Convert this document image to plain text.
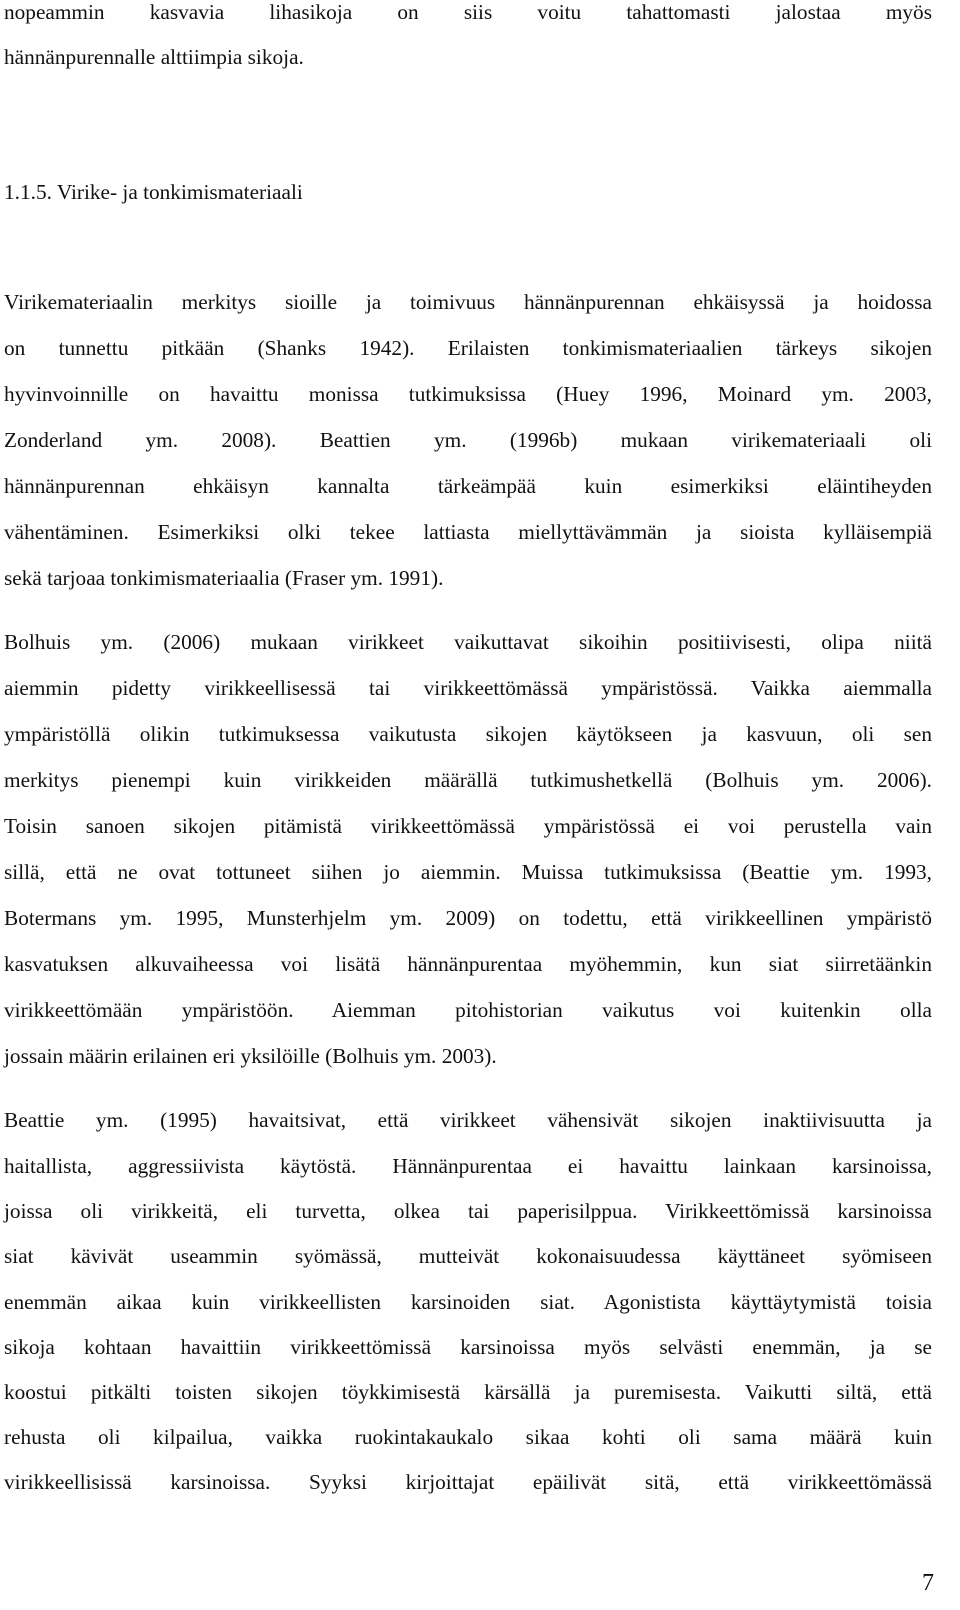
nopeammin kasvavia lihasikoja on siis voitu tahattomasti jalostaa myös
hännänpurennalle alttiimpia sikoja.
1.1.5. Virike- ja tonkimismateriaali
Virikemateriaalin merkitys sioille ja toimivuus hännänpurennan ehkäisyssä ja hoidossa
on tunnettu pitkään (Shanks 1942). Erilaisten tonkimismateriaalien tärkeys sikojen
hyvinvoinnille on havaittu monissa tutkimuksissa (Huey 1996, Moinard ym. 2003,
Zonderland ym. 2008). Beattien ym. (1996b) mukaan virikemateriaali oli
hännänpurennan ehkäisyn kannalta tärkeämpää kuin esimerkiksi eläintiheyden
vähentäminen. Esimerkiksi olki tekee lattiasta miellyttävämmän ja sioista kylläisempiä
sekä tarjoaa tonkimismateriaalia (Fraser ym. 1991).
Bolhuis ym. (2006) mukaan virikkeet vaikuttavat sikoihin positiivisesti, olipa niitä
aiemmin pidetty virikkeellisessä tai virikkeettömässä ympäristössä. Vaikka aiemmalla
ympäristöllä olikin tutkimuksessa vaikutusta sikojen käytökseen ja kasvuun, oli sen
merkitys pienempi kuin virikkeiden määrällä tutkimushetkellä (Bolhuis ym. 2006).
Toisin sanoen sikojen pitämistä virikkeettömässä ympäristössä ei voi perustella vain
sillä, että ne ovat tottuneet siihen jo aiemmin. Muissa tutkimuksissa (Beattie ym. 1993,
Botermans ym. 1995, Munsterhjelm ym. 2009) on todettu, että virikkeellinen ympäristö
kasvatuksen alkuvaiheessa voi lisätä hännänpurentaa myöhemmin, kun siat siirretäänkin
virikkeettömään ympäristöön. Aiemman pitohistorian vaikutus voi kuitenkin olla
jossain määrin erilainen eri yksilöille (Bolhuis ym. 2003).
Beattie ym. (1995) havaitsivat, että virikkeet vähensivät sikojen inaktiivisuutta ja
haitallista, aggressiivista käytöstä. Hännänpurentaa ei havaittu lainkaan karsinoissa,
joissa oli virikkeitä, eli turvetta, olkea tai paperisilppua. Virikkeettömissä karsinoissa
siat kävivät useammin syömässä, mutteivät kokonaisuudessa käyttäneet syömiseen
enemmän aikaa kuin virikkeellisten karsinoiden siat. Agonistista käyttäytymistä toisia
sikoja kohtaan havaittiin virikkeettömissä karsinoissa myös selvästi enemmän, ja se
koostui pitkälti toisten sikojen töykkimisestä kärsällä ja puremisesta. Vaikutti siltä, että
rehusta oli kilpailua, vaikka ruokintakaukalo sikaa kohti oli sama määrä kuin
virikkeellisissä karsinoissa. Syyksi kirjoittajat epäilivät sitä, että virikkeettömässä
7
